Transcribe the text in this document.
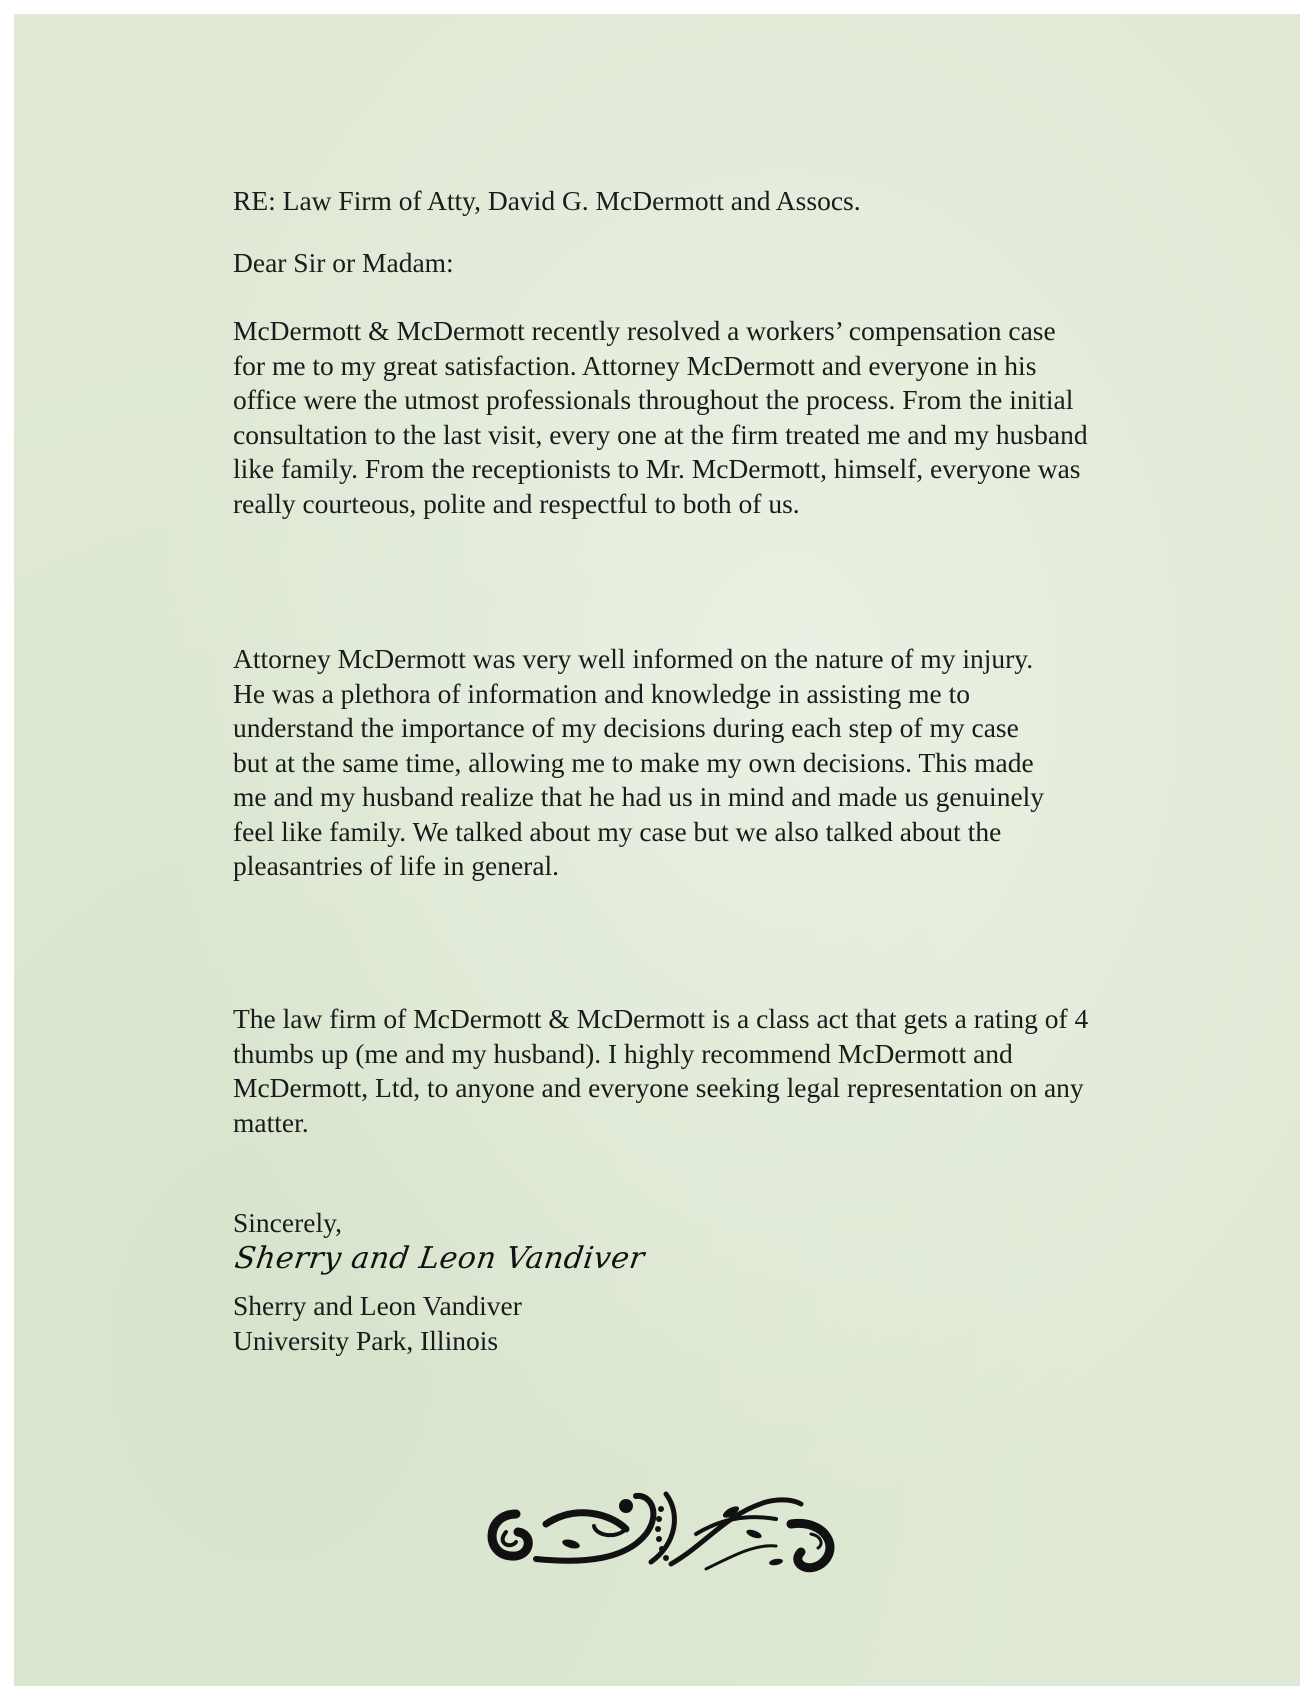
RE: Law Firm of Atty, David G. McDermott and Assocs.

Dear Sir or Madam:

McDermott & McDermott recently resolved a workers’ compensation case for me to my great satisfaction. Attorney McDermott and everyone in his office were the utmost professionals throughout the process. From the initial consultation to the last visit, every one at the firm treated me and my husband like family. From the receptionists to Mr. McDermott, himself, everyone was really courteous, polite and respectful to both of us.

Attorney McDermott was very well informed on the nature of my injury. He was a plethora of information and knowledge in assisting me to understand the importance of my decisions during each step of my case but at the same time, allowing me to make my own decisions. This made me and my husband realize that he had us in mind and made us genuinely feel like family. We talked about my case but we also talked about the pleasantries of life in general.

The law firm of McDermott & McDermott is a class act that gets a rating of 4 thumbs up (me and my husband). I highly recommend McDermott and McDermott, Ltd, to anyone and everyone seeking legal representation on any matter.

Sincerely,

Sherry and Leon Vandiver

Sherry and Leon Vandiver

University Park, Illinois
